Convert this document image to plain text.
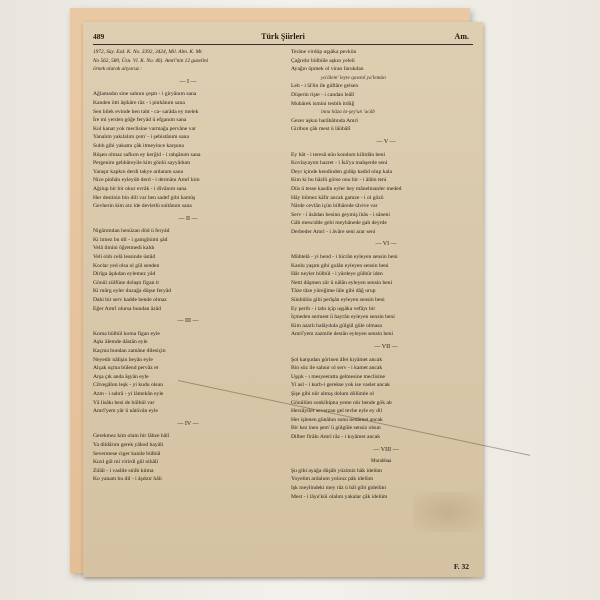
489	Türk Şiirleri	Am.

1972, Süy. Ezd. K. No. 3392, 3424, Mil. Alm. K. Mr.

No 562, 580, Üsn. Vl. K. No. 46). Amrî'nin 12 gazelini

örnek olarak alıyoruz :

— I —

Ağlamadın sine sahnın çeşm - i giryânım sana

Kanden ötti âşikâre râz - i pinhânım sana

Sen bilek evinde ben taht - ca- sarâda ey melek

İre mi yerden göğe feryâd ü efganım sana

Kul kanat yok meclisine varmağa pervâne var

Yanalım yakılalım çem' - i şebistânım sana

Subh gibi yakamı çâk itmeyince karşuna

Rûşen olmaz safkım ey kerğid - i rahşânım sana

Pergenim gehbâreyile kim gönlü sayyâdum

Yaraşır kapkın derdi takye ardanım sana

Nice pinhân eyleyüb derd - i dermânı Amrî kim

Ağılup bir bir okur evrâk - i dîvânım sana

Her destinin bin dili var ben sadef gibi hamûş

Gevherin kim arz ide devletlü sultânım sana

— II —

Nigârımdan henüzan död ü feryâd

Ki itmez bu dil - i gamgînimi şâd

Velâ ilmini öğretmedi kaldı

Veli oldı celâ lessinde üstâd

Koclar yed olsa ol gül senden

Dirîga âşıkdan eylemez yâd

Gönül zülfüne dolaştı figan it

Ki mürg eyler duzağa düşse feryâd

Dahi bir serv kadde bende olmaz

Eğer Amrî olursa bundan âzâd

— III —

Koma bülbül koma figan eyle

Aşkı âlemde dâstân eyle

Kaçma bundan zamâne dilesiçin

Neyedir nâlişin beyân eyle

Alçak uçma bülend pervâz et

Arşa çık anda âşyân eyle

Cilvegâhın leşk - yi kudu olsun

Azm - i sabrâ - yi lâmekân eyle

Yâ lisâkı besi de bülbül var

Amrî'yem yâr ü nâtüvân eyle

— IV —

Gerekmez kim olam bir lâhze hâlî

Ya dildârım gerek yâhod hayâli

Severmese ciger kanile bülbül

Kızıl gül mi virirdi gül nihâli

Zülâl - i vaslile sirâb kılma

Ko yanam bu dil - i âşıktır hâli

Terâne virdüp uşşâka pevkün

Çağırdır bülbüle aşkın yeleli

Ayağın öpmek ol viran farukdan

ya'âlem' leyte qawmî ya'lemûn

Leb - i lâ'lin ile güftâre gelsen

Düşerin rişte - i candan leâlî

Mubârek ismini tesbih itdüğ

inna hâza la-şey'un 'acâb

Gezer aşkın harâbâtında Amrî

Giribon çâk mest ü lâübâlî

— V —

Ey bât - i teresâ nün kondum kilitdân beni

Kovlayayım hazret - i İsâ'ya mahşerde seni

Deyr içinde kendinden gidüp kadid olup kala

Kim ki bu bâzlû görse onu bir - i âlâin teni

Düs ü tesse kasdin eyler hey mânelmanler meded

Hây bilmez kâfir ancak gamze - i ol gözü

Nârde cevlân içün bilhârede tâvive var

Serv - i âsâdan besinn geymiş ihâs - i sâneni

Gâh mescidde gehi meyhânede gah deyrde

Derbeder Amrî - i âvâre seni arar seni

— VI —

Mübtelâ - yi bend - i hicrân eyleyen sensin beni

Kanlu yaşım gibi gulân eyleyen sensin beni

Hâr neyler bülbül - i yârdeye gülbür iden

Netti düşmen zâr ü nâlân eyleyen sensin beni

Tâze tâze yüreğime lâle gibi dâğ urup

Sünbülüs gibi perîşân eyleyen sensin beni

Ey perih - i tabı içip uşşâka vefâyı bir

İçmeden sermest ü hayrân eyleyen sensin beni

Kim azarlı halâyıkda gülgül güle olmasa

Amrî'yem zazmile destân eyleyen sensin beni

— VII —

Şol karşudan görinen âfet kıyâmet ancak

Bin söz ile sahnır ol serv - i kamet ancak

Uşşık - ı mesyeeratta gelmesine meclisine

Yi asl - i kurb-i gerekse yok ise vaslet ancak

Şişe gibi nûr almış dolum dölümle ol

Gönülüm sonkibipna yeme nûr bende gök ab

Herzâyiler severzan gel tevbe eyle ey dil

Her işlenen günâhın sonu nedâmet ancak

Bir kez inen şem' ü gülgüle sensiz olsun

Dilber firâkı Amrî râz - i kıyâmet ancak

— VIII —

Murabbaa

Şu gibi ayağa düşüb yüzimiz hâk idelüm

Yoyelim ardalum yolınız pâk idelüm

Işk meylindeki mey râz ü hâl gibi gidelüm

Mest - i lâyu'küi olalım yakalar çâk idelüm

F. 32
